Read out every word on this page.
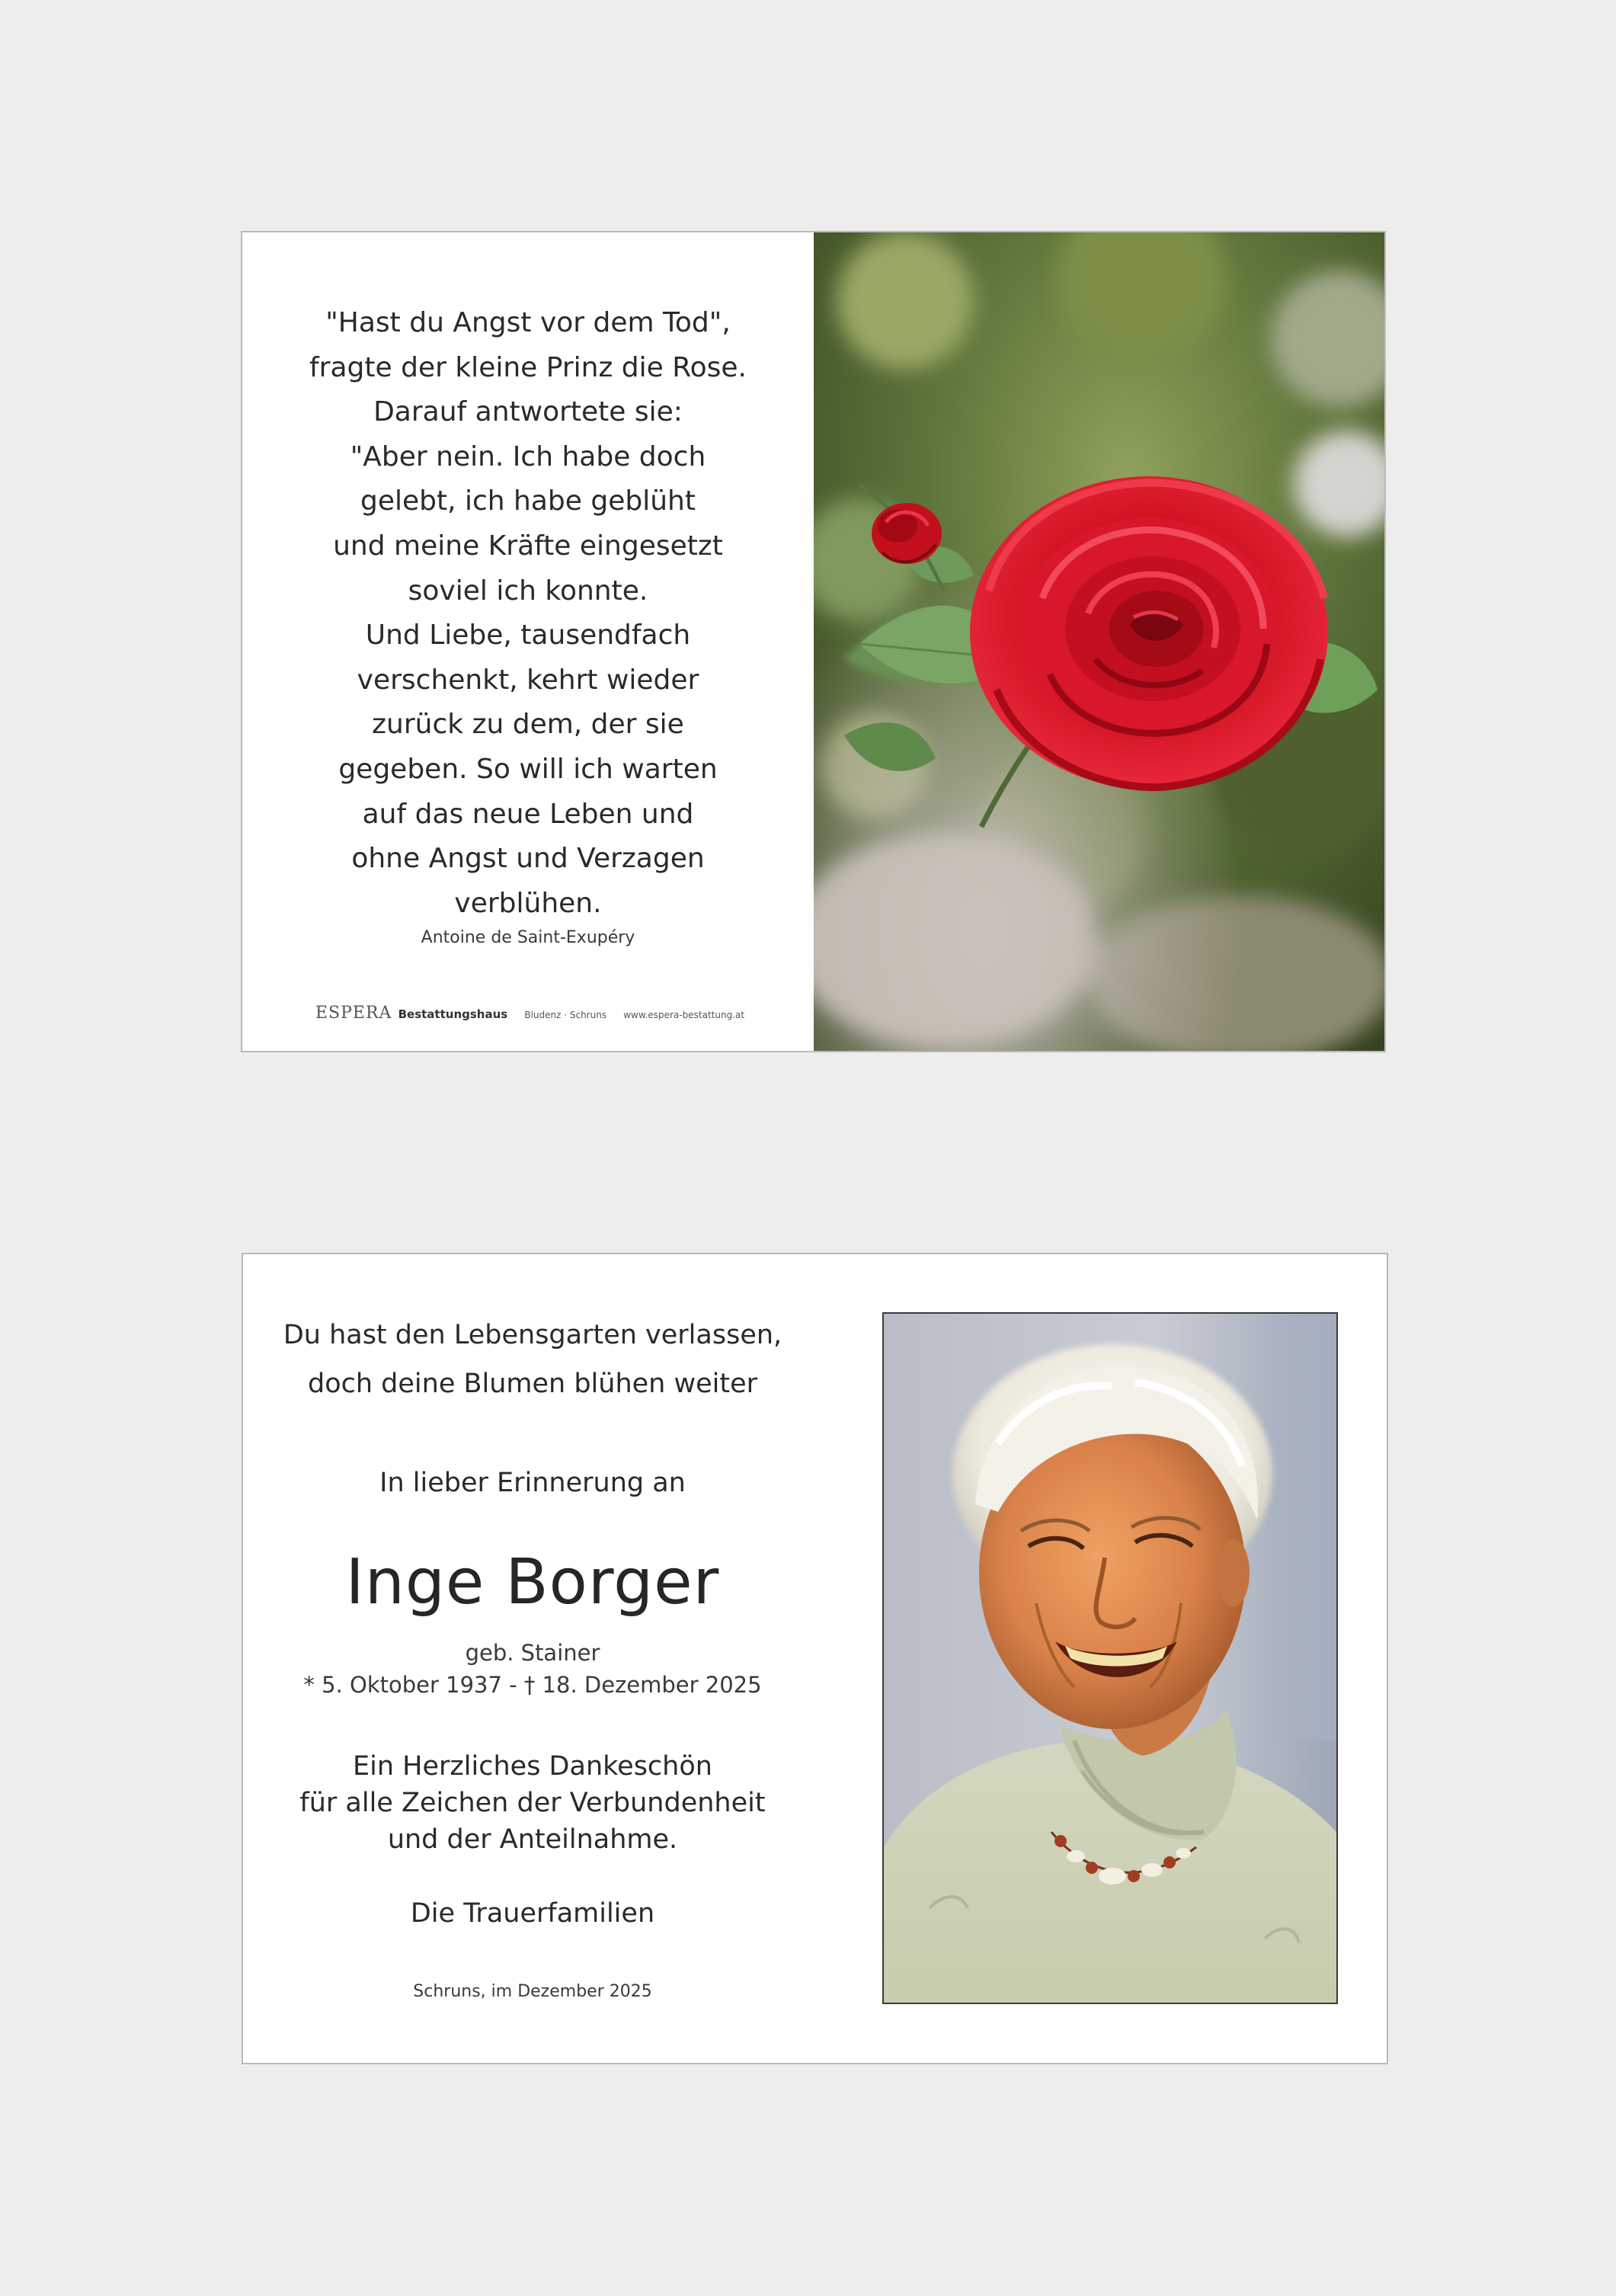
"Hast du Angst vor dem Tod",
fragte der kleine Prinz die Rose.
Darauf antwortete sie:
"Aber nein. Ich habe doch
gelebt, ich habe geblüht
und meine Kräfte eingesetzt
soviel ich konnte.
Und Liebe, tausendfach
verschenkt, kehrt wieder
zurück zu dem, der sie
gegeben. So will ich warten
auf das neue Leben und
ohne Angst und Verzagen
verblühen.
Antoine de Saint-Exupéry
ESPERA Bestattungshaus Bludenz · Schruns www.espera-bestattung.at
Du hast den Lebensgarten verlassen,
doch deine Blumen blühen weiter
In lieber Erinnerung an
Inge Borger
geb. Stainer
* 5. Oktober 1937 - † 18. Dezember 2025
Ein Herzliches Dankeschön
für alle Zeichen der Verbundenheit
und der Anteilnahme.
Die Trauerfamilien
Schruns, im Dezember 2025
